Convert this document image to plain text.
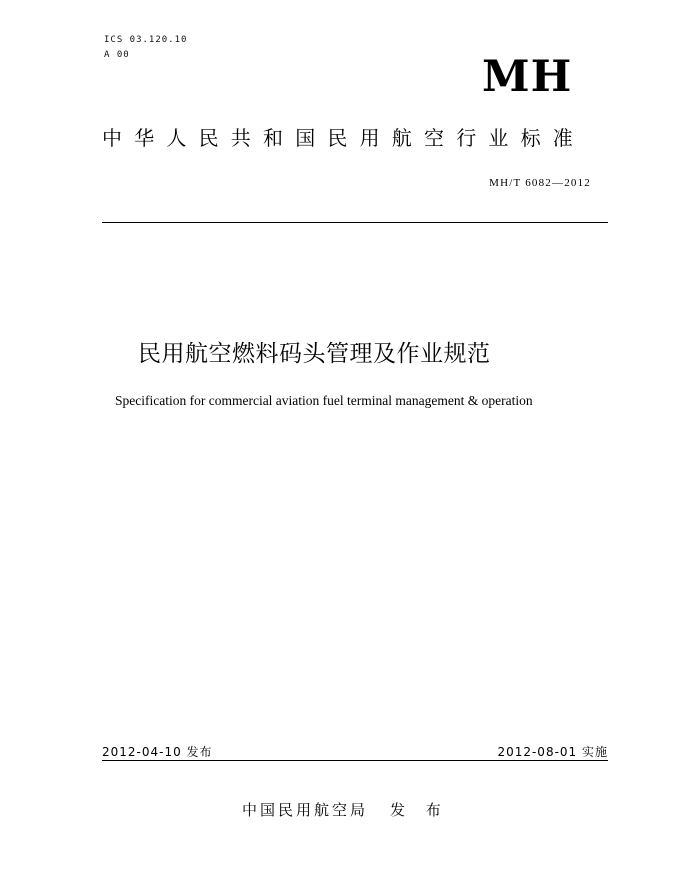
ICS 03.120.10
A 00	MH
中华人民共和国民用航空行业标准
MH/T 6082—2012
民用航空燃料码头管理及作业规范
Specification for commercial aviation fuel terminal management & operation
2012-04-10 发布	2012-08-01 实施
中国民用航空局 发 布
